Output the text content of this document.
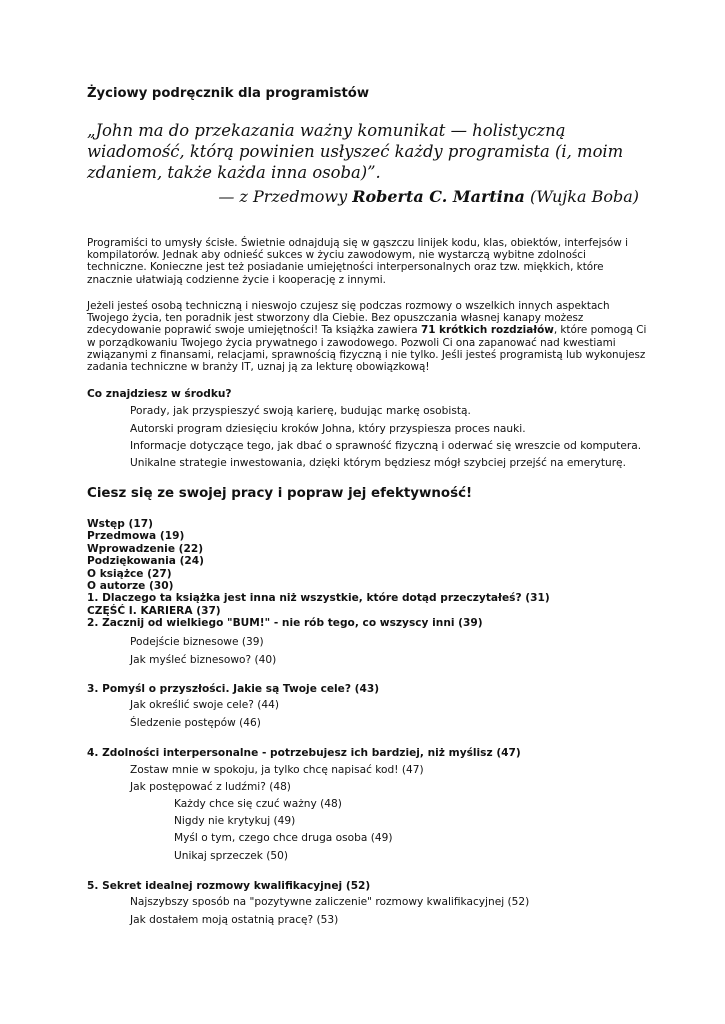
Życiowy podręcznik dla programistów
„John ma do przekazania ważny komunikat — holistyczną wiadomość, którą powinien usłyszeć każdy programista (i, moim zdaniem, także każda inna osoba)”.
— z Przedmowy Roberta C. Martina (Wujka Boba)

Programiści to umysły ścisłe. Świetnie odnajdują się w gąszczu linijek kodu, klas, obiektów, interfejsów i kompilatorów. Jednak aby odnieść sukces w życiu zawodowym, nie wystarczą wybitne zdolności techniczne. Konieczne jest też posiadanie umiejętności interpersonalnych oraz tzw. miękkich, które znacznie ułatwiają codzienne życie i kooperację z innymi.

Jeżeli jesteś osobą techniczną i nieswojo czujesz się podczas rozmowy o wszelkich innych aspektach Twojego życia, ten poradnik jest stworzony dla Ciebie. Bez opuszczania własnej kanapy możesz zdecydowanie poprawić swoje umiejętności! Ta książka zawiera 71 krótkich rozdziałów, które pomogą Ci w porządkowaniu Twojego życia prywatnego i zawodowego. Pozwoli Ci ona zapanować nad kwestiami związanymi z finansami, relacjami, sprawnością fizyczną i nie tylko. Jeśli jesteś programistą lub wykonujesz zadania techniczne w branży IT, uznaj ją za lekturę obowiązkową!

Co znajdziesz w środku?
Porady, jak przyspieszyć swoją karierę, budując markę osobistą.
Autorski program dziesięciu kroków Johna, który przyspiesza proces nauki.
Informacje dotyczące tego, jak dbać o sprawność fizyczną i oderwać się wreszcie od komputera.
Unikalne strategie inwestowania, dzięki którym będziesz mógł szybciej przejść na emeryturę.
Ciesz się ze swojej pracy i popraw jej efektywność!
Wstęp (17)
Przedmowa (19)
Wprowadzenie (22)
Podziękowania (24)
O książce (27)
O autorze (30)
1. Dlaczego ta książka jest inna niż wszystkie, które dotąd przeczytałeś? (31)
CZĘŚĆ I. KARIERA (37)
2. Zacznij od wielkiego "BUM!" - nie rób tego, co wszyscy inni (39)
Podejście biznesowe (39)
Jak myśleć biznesowo? (40)
3. Pomyśl o przyszłości. Jakie są Twoje cele? (43)
Jak określić swoje cele? (44)
Śledzenie postępów (46)
4. Zdolności interpersonalne - potrzebujesz ich bardziej, niż myślisz (47)
Zostaw mnie w spokoju, ja tylko chcę napisać kod! (47)
Jak postępować z ludźmi? (48)
Każdy chce się czuć ważny (48)
Nigdy nie krytykuj (49)
Myśl o tym, czego chce druga osoba (49)
Unikaj sprzeczek (50)
5. Sekret idealnej rozmowy kwalifikacyjnej (52)
Najszybszy sposób na "pozytywne zaliczenie" rozmowy kwalifikacyjnej (52)
Jak dostałem moją ostatnią pracę? (53)
